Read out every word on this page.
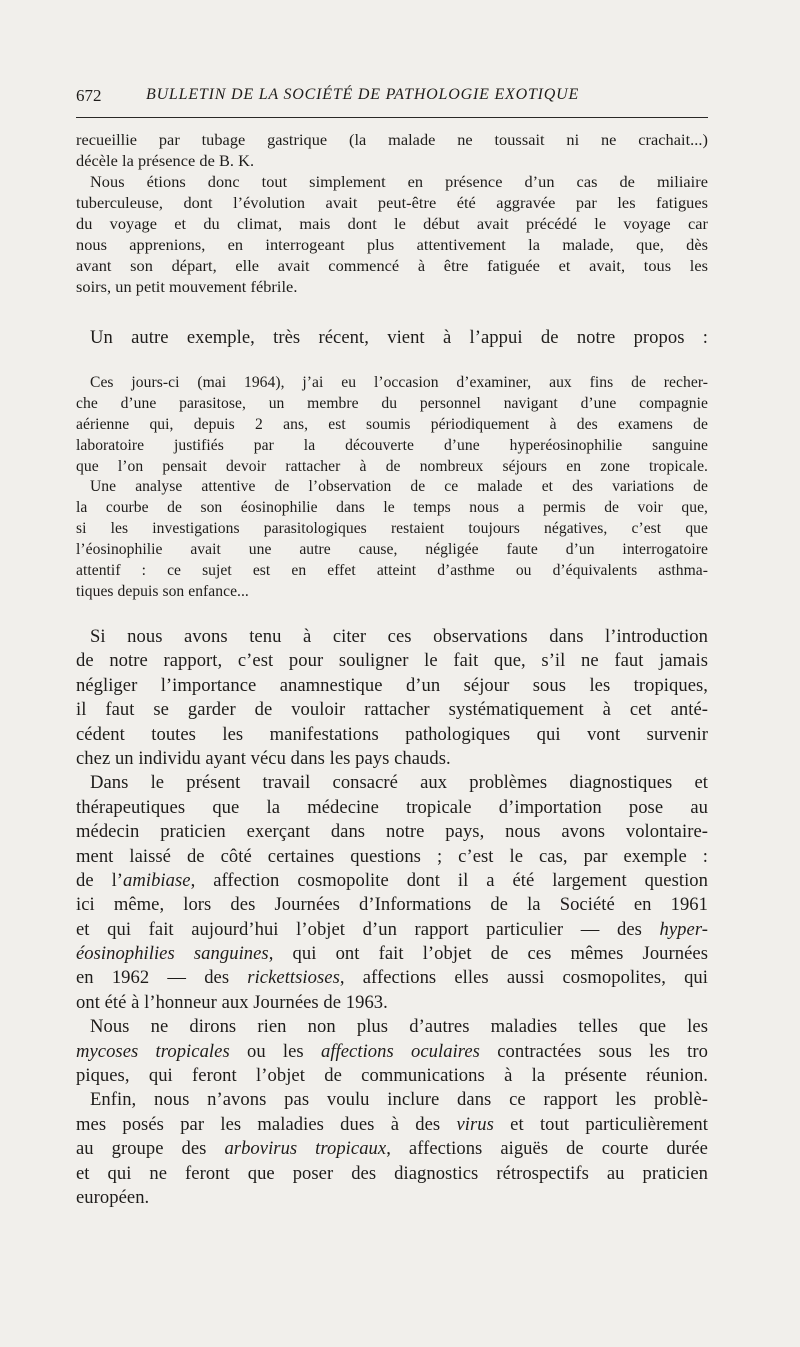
672	BULLETIN DE LA SOCIÉTÉ DE PATHOLOGIE EXOTIQUE
recueillie par tubage gastrique (la malade ne toussait ni ne crachait...)
décèle la présence de B. K.
Nous étions donc tout simplement en présence d’un cas de miliaire
tuberculeuse, dont l’évolution avait peut-être été aggravée par les fatigues
du voyage et du climat, mais dont le début avait précédé le voyage car
nous apprenions, en interrogeant plus attentivement la malade, que, dès
avant son départ, elle avait commencé à être fatiguée et avait, tous les
soirs, un petit mouvement fébrile.
Un autre exemple, très récent, vient à l’appui de notre propos :
Ces jours-ci (mai 1964), j’ai eu l’occasion d’examiner, aux fins de recher-
che d’une parasitose, un membre du personnel navigant d’une compagnie
aérienne qui, depuis 2 ans, est soumis périodiquement à des examens de
laboratoire justifiés par la découverte d’une hyperéosinophilie sanguine
que l’on pensait devoir rattacher à de nombreux séjours en zone tropicale.
Une analyse attentive de l’observation de ce malade et des variations de
la courbe de son éosinophilie dans le temps nous a permis de voir que,
si les investigations parasitologiques restaient toujours négatives, c’est que
l’éosinophilie avait une autre cause, négligée faute d’un interrogatoire
attentif : ce sujet est en effet atteint d’asthme ou d’équivalents asthma-
tiques depuis son enfance...
Si nous avons tenu à citer ces observations dans l’introduction
de notre rapport, c’est pour souligner le fait que, s’il ne faut jamais
négliger l’importance anamnestique d’un séjour sous les tropiques,
il faut se garder de vouloir rattacher systématiquement à cet anté-
cédent toutes les manifestations pathologiques qui vont survenir
chez un individu ayant vécu dans les pays chauds.
Dans le présent travail consacré aux problèmes diagnostiques et
thérapeutiques que la médecine tropicale d’importation pose au
médecin praticien exerçant dans notre pays, nous avons volontaire-
ment laissé de côté certaines questions ; c’est le cas, par exemple :
de l’amibiase, affection cosmopolite dont il a été largement question
ici même, lors des Journées d’Informations de la Société en 1961
et qui fait aujourd’hui l’objet d’un rapport particulier — des hyper-
éosinophilies sanguines, qui ont fait l’objet de ces mêmes Journées
en 1962 — des rickettsioses, affections elles aussi cosmopolites, qui
ont été à l’honneur aux Journées de 1963.
Nous ne dirons rien non plus d’autres maladies telles que les
mycoses tropicales ou les affections oculaires contractées sous les tro
piques, qui feront l’objet de communications à la présente réunion.
Enfin, nous n’avons pas voulu inclure dans ce rapport les problè-
mes posés par les maladies dues à des virus et tout particulièrement
au groupe des arbovirus tropicaux, affections aiguës de courte durée
et qui ne feront que poser des diagnostics rétrospectifs au praticien
européen.
